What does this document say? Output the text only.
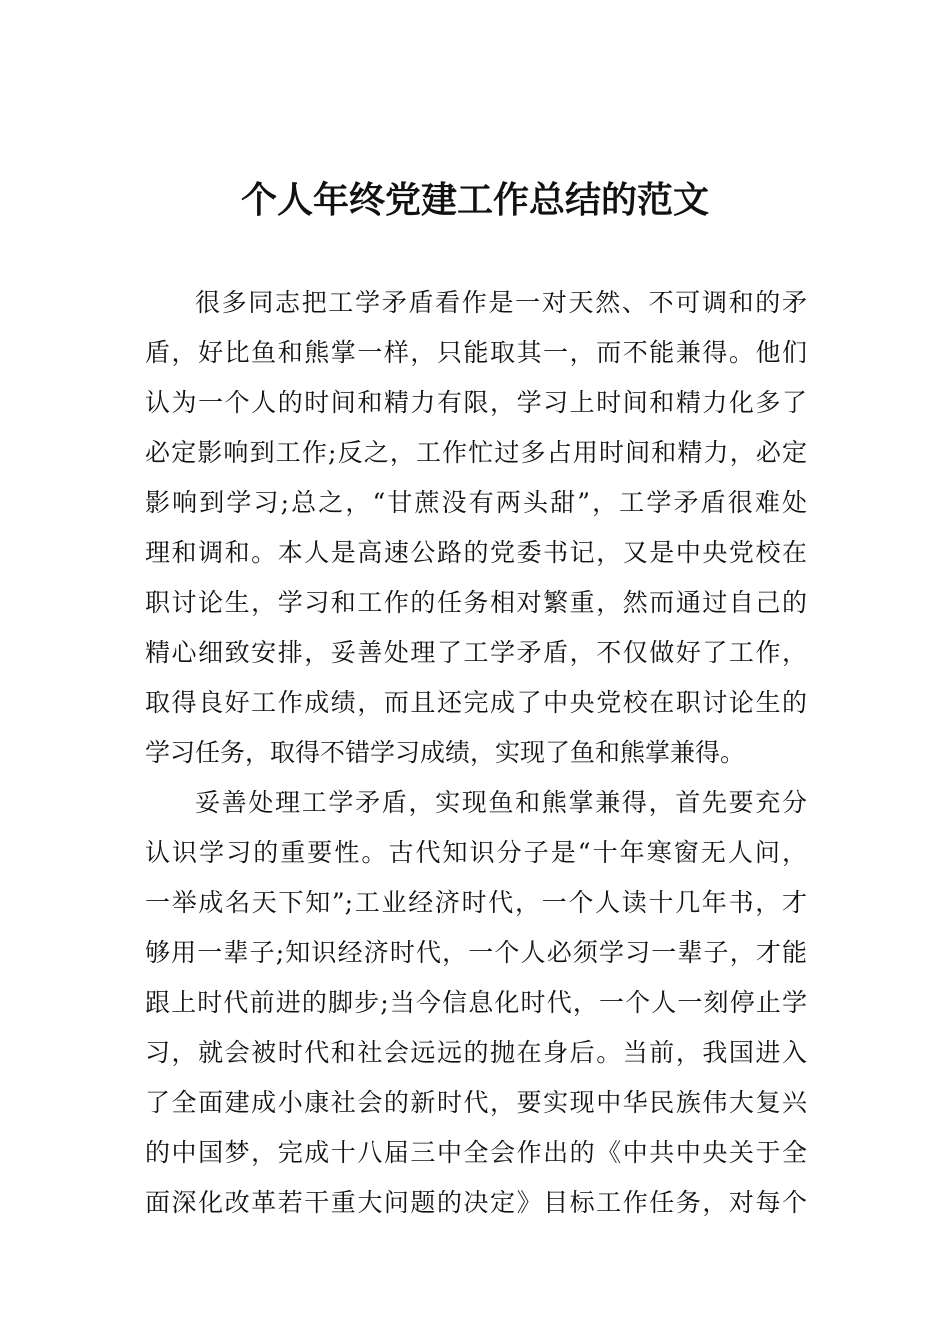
个人年终党建工作总结的范文
很多同志把工学矛盾看作是一对天然、不可调和的矛
盾，好比鱼和熊掌一样，只能取其一，而不能兼得。他们
认为一个人的时间和精力有限，学习上时间和精力化多了
必定影响到工作;反之，工作忙过多占用时间和精力，必定
影响到学习;总之，“甘蔗没有两头甜”，工学矛盾很难处
理和调和。本人是高速公路的党委书记，又是中央党校在
职讨论生，学习和工作的任务相对繁重，然而通过自己的
精心细致安排，妥善处理了工学矛盾，不仅做好了工作，
取得良好工作成绩，而且还完成了中央党校在职讨论生的
学习任务，取得不错学习成绩，实现了鱼和熊掌兼得。
妥善处理工学矛盾，实现鱼和熊掌兼得，首先要充分
认识学习的重要性。古代知识分子是“十年寒窗无人问，
一举成名天下知”;工业经济时代，一个人读十几年书，才
够用一辈子;知识经济时代，一个人必须学习一辈子，才能
跟上时代前进的脚步;当今信息化时代，一个人一刻停止学
习，就会被时代和社会远远的抛在身后。当前，我国进入
了全面建成小康社会的新时代，要实现中华民族伟大复兴
的中国梦，完成十八届三中全会作出的《中共中央关于全
面深化改革若干重大问题的决定》目标工作任务，对每个
